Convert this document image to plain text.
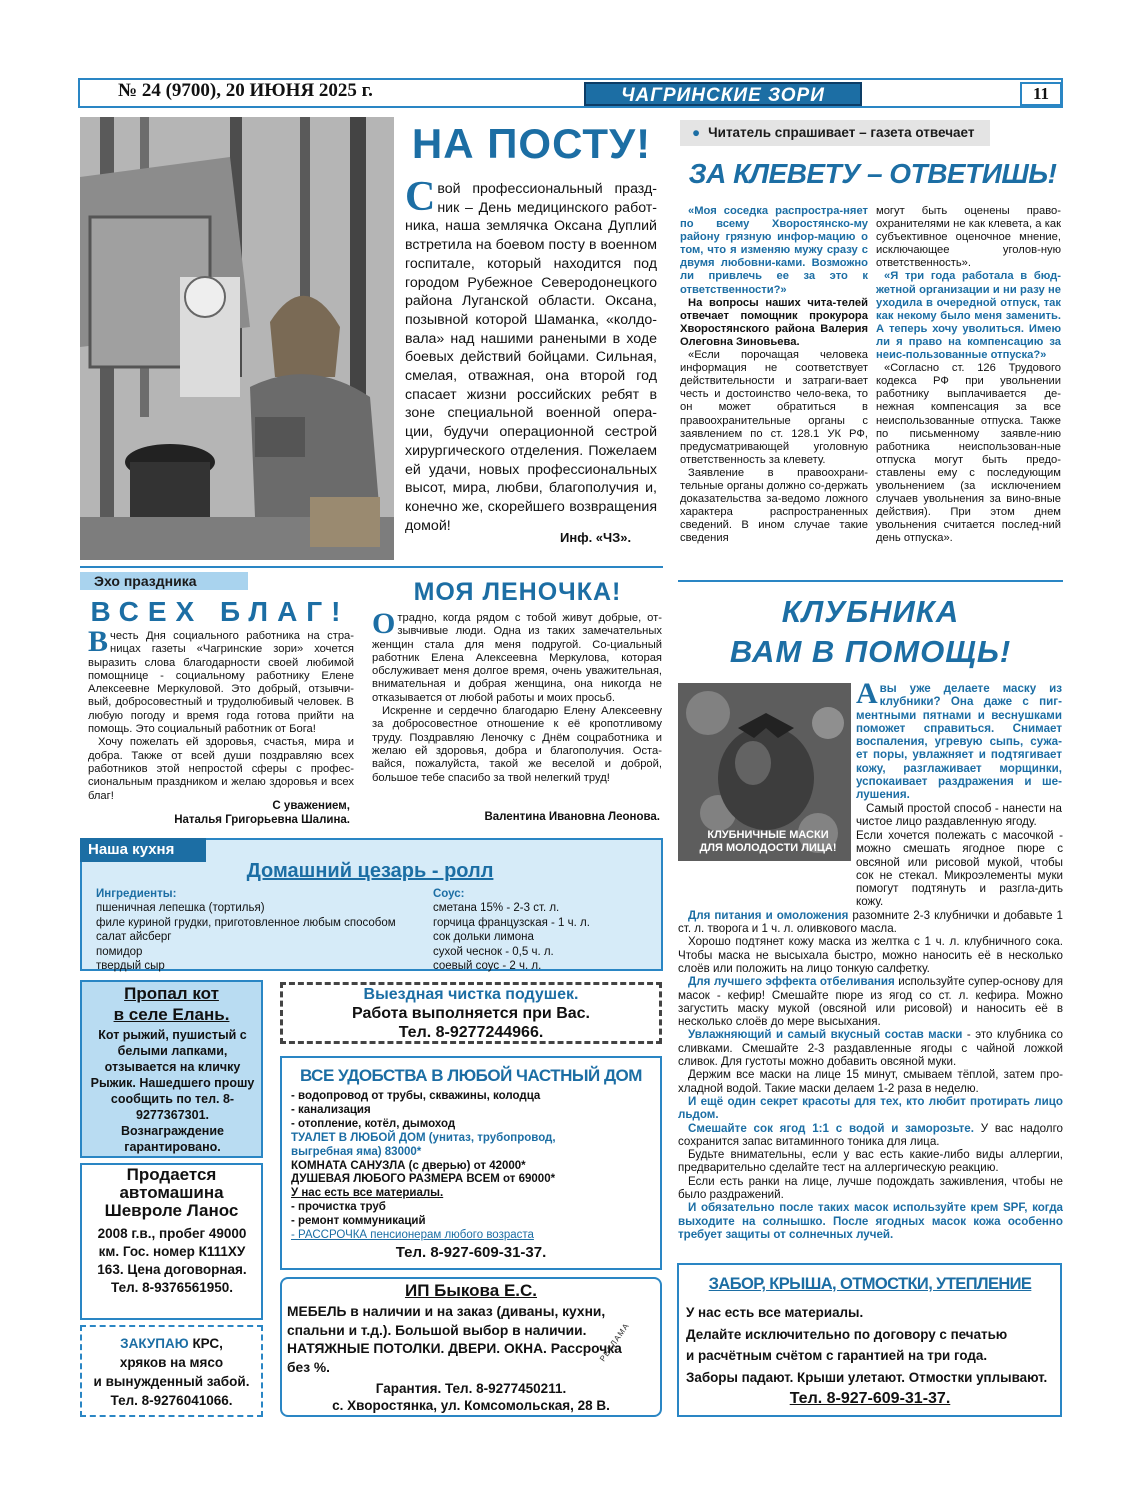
№ 24 (9700), 20 ИЮНЯ 2025 г.	ЧАГРИНСКИЕ ЗОРИ	11
НА ПОСТУ!
С вой профессиональный празд-ник – День медицинского работ-ника, наша землячка Оксана Дуплий встретила на боевом посту в военном госпитале, который находится под городом Рубежное Северодонецкого района Луганской области. Оксана, позывной которой Шаманка, «колдо-вала» над нашими ранеными в ходе боевых действий бойцами. Сильная, смелая, отважная, она второй год спасает жизни российских ребят в зоне специальной военной опера-ции, будучи операционной сестрой хирургического отделения. Пожелаем ей удачи, новых профессиональных высот, мира, любви, благополучия и, конечно же, скорейшего возвращения домой!
Инф. «ЧЗ».
● Читатель спрашивает – газета отвечает
ЗА КЛЕВЕТУ – ОТВЕТИШЬ!

«Моя соседка распростра-няет по всему Хворостянско-му району грязную инфор-мацию о том, что я изменяю мужу сразу с двумя любовни-ками. Возможно ли привлечь ее за это к ответственности?»

На вопросы наших чита-телей отвечает помощник прокурора Хворостянского района Валерия Олеговна Зиновьева.

«Если порочащая человека информация не соответствует действительности и затраги-вает честь и достоинство чело-века, то он может обратиться в правоохранительные органы с заявлением по ст. 128.1 УК РФ, предусматривающей уголовную ответственность за клевету.

Заявление в правоохрани-тельные органы должно со-держать доказательства за-ведомо ложного характера распространенных сведений. В ином случае такие сведения

могут быть оценены право-охранителями не как клевета, а как субъективное оценочное мнение, исключающее уголов-ную ответственность».

«Я три года работала в бюд-жетной организации и ни разу не уходила в очередной отпуск, так как некому было меня заменить. А теперь хочу уволиться. Имею ли я право на компенсацию за неис-пользованные отпуска?»

«Согласно ст. 126 Трудового кодекса РФ при увольнении работнику выплачивается де-нежная компенсация за все неиспользованные отпуска. Также по письменному заявле-нию работника неиспользован-ные отпуска могут быть предо-ставлены ему с последующим увольнением (за исключением случаев увольнения за вино-вные действия). При этом днем увольнения считается послед-ний день отпуска».

Эхо праздника
ВСЕХ БЛАГ!

Вчесть Дня социального работника на стра-ницах газеты «Чагринские зори» хочется выразить слова благодарности своей любимой помощнице - социальному работнику Елене Алексеевне Меркуловой. Это добрый, отзывчи-вый, добросовестный и трудолюбивый человек. В любую погоду и время года готова прийти на помощь. Это социальный работник от Бога!

Хочу пожелать ей здоровья, счастья, мира и добра. Также от всей души поздравляю всех работников этой непростой сферы с профес-сиональным праздником и желаю здоровья и всех благ!

С уважением,
Наталья Григорьевна Шалина.
МОЯ ЛЕНОЧКА!

Отрадно, когда рядом с тобой живут добрые, от-зывчивые люди. Одна из таких замечательных женщин стала для меня подругой. Со-циальный работник Елена Алексеевна Меркулова, которая обслуживает меня долгое время, очень уважительная, внимательная и добрая женщина, она никогда не отказывается от любой работы и моих просьб.

Искренне и сердечно благодарю Елену Алексеевну за добросовестное отношение к её кропотливому труду. Поздравляю Леночку с Днём соцработника и желаю ей здоровья, добра и благополучия. Оста-вайся, пожалуйста, такой же веселой и доброй, большое тебе спасибо за твой нелегкий труд!

Валентина Ивановна Леонова.
Наша кухня
Домашний цезарь - ролл
Ингредиенты:
пшеничная лепешка (тортилья)
филе куриной грудки, приготовленное любым способом
салат айсберг
помидор
твердый сыр
Соус:
сметана 15% - 2-3 ст. л.
горчица французская - 1 ч. л.
сок дольки лимона
сухой чеснок - 0,5 ч. л.
соевый соус - 2 ч. л.
КЛУБНИКА
ВАМ В ПОМОЩЬ!
КЛУБНИЧНЫЕ МАСКИ
ДЛЯ МОЛОДОСТИ ЛИЦА!

Авы уже делаете маску из клубники? Она даже с пиг-ментными пятнами и веснушками поможет справиться. Снимает воспаления, угревую сыпь, сужа-ет поры, увлажняет и подтягивает кожу, разглаживает морщинки, успокаивает раздражения и ше-лушения.

Самый простой способ - нанести на чистое лицо раздавленную ягоду.

Если хочется полежать с масочкой - можно смешать ягодное пюре с овсяной или рисовой мукой, чтобы сок не стекал. Микроэлементы муки помогут подтянуть и разгла-дить кожу.

Для питания и омоложения разомните 2-3 клубнички и добавьте 1 ст. л. творога и 1 ч. л. оливкового масла.

Хорошо подтянет кожу маска из желтка с 1 ч. л. клубничного сока. Чтобы маска не высыхала быстро, можно наносить её в несколько слоёв или положить на лицо тонкую салфетку.

Для лучшего эффекта отбеливания используйте супер-основу для масок - кефир! Смешайте пюре из ягод со ст. л. кефира. Можно загустить маску мукой (овсяной или рисовой) и наносить её в несколько слоёв до мере высыхания.

Увлажняющий и самый вкусный состав маски - это клубника со сливками. Смешайте 2-3 раздавленные ягоды с чайной ложкой сливок. Для густоты можно добавить овсяной муки.

Держим все маски на лице 15 минут, смываем тёплой, затем про-хладной водой. Такие маски делаем 1-2 раза в неделю.

И ещё один секрет красоты для тех, кто любит протирать лицо льдом.

Смешайте сок ягод 1:1 с водой и заморозьте. У вас надолго сохранится запас витаминного тоника для лица.

Будьте внимательны, если у вас есть какие-либо виды аллергии, предварительно сделайте тест на аллергическую реакцию.

Если есть ранки на лице, лучше подождать заживления, чтобы не было раздражений.

И обязательно после таких масок используйте крем SPF, когда выходите на солнышко. После ягодных масок кожа особенно требует защиты от солнечных лучей.

Пропал кот
в селе Елань.
Кот рыжий, пушистый с белыми лапками, отзывается на кличку Рыжик. Нашедшего прошу сообщить по тел. 8-9277367301. Вознаграждение гарантировано.
Продается автомашина Шевроле Ланос
2008 г.в., пробег 49000 км. Гос. номер К111ХУ 163. Цена договорная. Тел. 8-9376561950.
ЗАКУПАЮ КРС,
хряков на мясо
и вынужденный забой.
Тел. 8-9276041066.
Выездная чистка подушек.
Работа выполняется при Вас.
Тел. 8-9277244966.
ВСЕ УДОБСТВА В ЛЮБОЙ ЧАСТНЫЙ ДОМ
- водопровод от трубы, скважины, колодца
- канализация
- отопление, котёл, дымоход
ТУАЛЕТ В ЛЮБОЙ ДОМ (унитаз, трубопровод,
выгребная яма) 83000*
КОМНАТА САНУЗЛА (с дверью) от 42000*
ДУШЕВАЯ ЛЮБОГО РАЗМЕРА ВСЕМ от 69000*
У нас есть все материалы.
- прочистка труб
- ремонт коммуникаций
- РАССРОЧКА пенсионерам любого возраста
Тел. 8-927-609-31-37.
ИП Быкова Е.С.
МЕБЕЛЬ в наличии и на заказ (диваны, кухни, спальни и т.д.). Большой выбор в наличии. НАТЯЖНЫЕ ПОТОЛКИ. ДВЕРИ. ОКНА. Рассрочка без %.
РЕКЛАМА
Гарантия. Тел. 8-9277450211.
с. Хворостянка, ул. Комсомольская, 28 В.
ЗАБОР, КРЫША, ОТМОСТКИ, УТЕПЛЕНИЕ
У нас есть все материалы.
Делайте исключительно по договору с печатью
и расчётным счётом с гарантией на три года.
Заборы падают. Крыши улетают. Отмостки уплывают.
Тел. 8-927-609-31-37.
